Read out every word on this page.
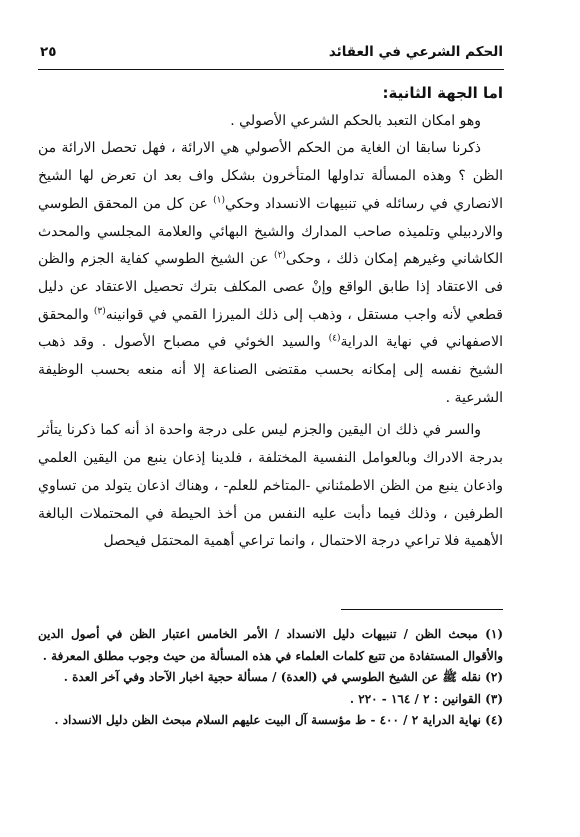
الحكم الشرعي في العقائد
٢٥

اما الجهة الثانية:

وهو امكان التعبد بالحكم الشرعي الأصولي .

ذكرنا سابقا ان الغاية من الحكم الأصولي هي الارائة ، فهل تحصل الارائة من الظن ؟ وهذه المسألة تداولها المتأخرون بشكل واف بعد ان تعرض لها الشيخ الانصاري في رسائله في تنبيهات الانسداد وحكي$^{(١)}$ عن كل من المحقق الطوسي والاردبيلي وتلميذه صاحب المدارك والشيخ البهائي والعلامة المجلسي والمحدث الكاشاني وغيرهم إمكان ذلك ، وحكى$^{(٢)}$ عن الشيخ الطوسي كفاية الجزم والظن فى الاعتقاد إذا طابق الواقع وإنْ عصى المكلف بترك تحصيل الاعتقاد عن دليل قطعي لأنه واجب مستقل ، وذهب إلى ذلك الميرزا القمي في قوانينه$^{(٣)}$ والمحقق الاصفهاني في نهاية الدراية$^{(٤)}$ والسيد الخوئي في مصباح الأصول . وقد ذهب الشيخ نفسه إلى إمكانه بحسب مقتضى الصناعة إلا أنه منعه بحسب الوظيفة الشرعية .

والسر في ذلك ان اليقين والجزم ليس على درجة واحدة اذ أنه كما ذكرنا يتأثر بدرجة الادراك وبالعوامل النفسية المختلفة ، فلدينا إذعان ينبع من اليقين العلمي واذعان ينبع من الظن الاطمئناني -المتاخم للعلم- ، وهناك اذعان يتولد من تساوي الطرفين ، وذلك فيما دأبت عليه النفس من أخذ الحيطة في المحتملات البالغة الأهمية فلا تراعي درجة الاحتمال ، وانما تراعي أهمية المحتمَل فيحصل

(١) مبحث الظن / تنبيهات دليل الانسداد / الأمر الخامس اعتبار الظن في أصول الدين والأقوال المستفادة من تتبع كلمات العلماء في هذه المسألة من حيث وجوب مطلق المعرفة .

(٢) نقله ﷺ عن الشيخ الطوسي في (العدة) / مسألة حجية اخبار الآحاد وفي آخر العدة .

(٣) القوانين : ٢ / ١٦٤ - ٢٢٠ .

(٤) نهاية الدراية ٢ / ٤٠٠ - ط مؤسسة آل البيت عليهم السلام مبحث الظن دليل الانسداد .
